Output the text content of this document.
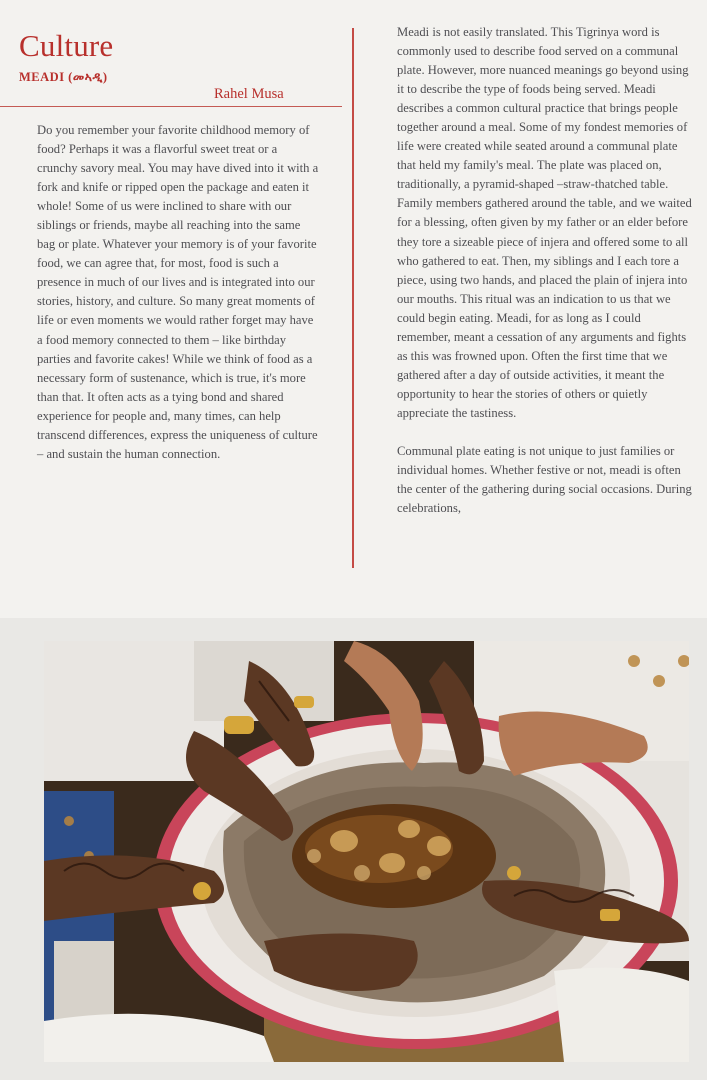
Culture
MEADI (መኣዲ)
Rahel Musa

Do you remember your favorite childhood memory of food? Perhaps it was a flavorful sweet treat or a crunchy savory meal. You may have dived into it with a fork and knife or ripped open the package and eaten it whole! Some of us were inclined to share with our siblings or friends, maybe all reaching into the same bag or plate. Whatever your memory is of your favorite food, we can agree that, for most, food is such a presence in much of our lives and is integrated into our stories, history, and culture. So many great moments of life or even moments we would rather forget may have a food memory connected to them – like birthday parties and favorite cakes! While we think of food as a necessary form of sustenance, which is true, it's more than that. It often acts as a tying bond and shared experience for people and, many times, can help transcend differences, express the uniqueness of culture – and sustain the human connection.

Meadi is not easily translated. This Tigrinya word is commonly used to describe food served on a communal plate. However, more nuanced meanings go beyond using it to describe the type of foods being served. Meadi describes a common cultural practice that brings people together around a meal. Some of my fondest memories of life were created while seated around a communal plate that held my family's meal. The plate was placed on, traditionally, a pyramid-shaped –straw-thatched table. Family members gathered around the table, and we waited for a blessing, often given by my father or an elder before they tore a sizeable piece of injera and offered some to all who gathered to eat. Then, my siblings and I each tore a piece, using two hands, and placed the plain of injera into our mouths. This ritual was an indication to us that we could begin eating. Meadi, for as long as I could remember, meant a cessation of any arguments and fights as this was frowned upon. Often the first time that we gathered after a day of outside activities, it meant the opportunity to hear the stories of others or quietly appreciate the tastiness.

Communal plate eating is not unique to just families or individual homes. Whether festive or not, meadi is often the center of the gathering during social occasions. During celebrations,
